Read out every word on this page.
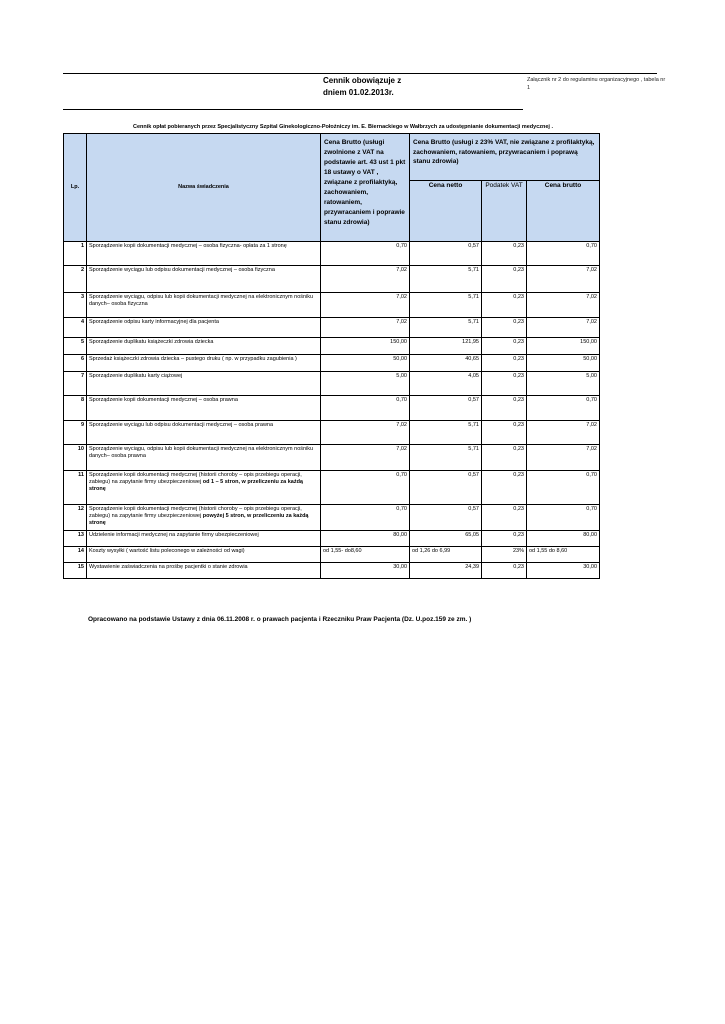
Cennik obowiązuje z
dniem 01.02.2013r.
Załącznik nr 2 do regulaminu organizacyjnego , tabela nr 1
Cennik opłat pobieranych przez Specjalistyczny Szpital Ginekologiczno-Położniczy im. E. Biernackiego w Wałbrzych za udostępnianie dokumentacji medycznej .
Lp.	Nazwa świadczenia	Cena Brutto (usługi zwolnione z VAT na podstawie art. 43 ust 1 pkt 18 ustawy o VAT , związane z profilaktyką, zachowaniem, ratowaniem, przywracaniem i poprawie stanu zdrowia)	Cena Brutto (usługi z 23% VAT, nie związane z profilaktyką, zachowaniem, ratowaniem, przywracaniem i poprawą stanu zdrowia)		
			Cena netto	Podatek VAT	Cena brutto
1	Sporządzenie kopii dokumentacji medycznej – osoba fizyczna- opłata za 1 stronę	0,70	0,57	0,23	0,70
2	Sporządzenie wyciągu lub odpisu dokumentacji medycznej – osoba fizyczna	7,02	5,71	0,23	7,02
3	Sporządzenie wyciągu, odpisu lub kopii dokumentacji medycznej na elektronicznym nośniku danych– osoba fizyczna	7,02	5,71	0,23	7,02
4	Sporządzenie odpisu karty informacyjnej dla pacjenta	7,02	5,71	0,23	7,02
5	Sporządzenie duplikatu książeczki zdrowia dziecka	150,00	121,95	0,23	150,00
6	Sprzedaż książeczki zdrowia dziecka – pustego druku ( np. w przypadku zagubienia )	50,00	40,65	0,23	50,00
7	Sporządzenie duplikatu karty ciążowej	5,00	4,05	0,23	5,00
8	Sporządzenie kopii dokumentacji medycznej – osoba prawna	0,70	0,57	0,23	0,70
9	Sporządzenie wyciągu lub odpisu dokumentacji medycznej – osoba prawna	7,02	5,71	0,23	7,02
10	Sporządzenie wyciągu, odpisu lub kopii dokumentacji medycznej na elektronicznym nośniku danych– osoba prawna	7,02	5,71	0,23	7,02
11	Sporządzenie kopii dokumentacji medycznej (historii choroby – opis przebiegu operacji, zabiegu) na zapytanie firmy ubezpieczeniowej od 1 – 5 stron, w przeliczeniu za każdą stronę	0,70	0,57	0,23	0,70
12	Sporządzenie kopii dokumentacji medycznej (historii choroby – opis przebiegu operacji, zabiegu) na zapytanie firmy ubezpieczeniowej powyżej 5 stron, w przeliczeniu za każdą stronę	0,70	0,57	0,23	0,70
13	Udzielenie informacji medycznej na zapytanie firmy ubezpieczeniowej	80,00	65,05	0,23	80,00
14	Koszty wysyłki ( wartość listu poleconego w zależności od wagi)	od 1,55- do8,60	od 1,26 do 6,99	23%	od 1,55 do 8,60
15	Wystawienie zaświadczenia na prośbę pacjentki o stanie zdrowia	30,00	24,39	0,23	30,00
Opracowano na podstawie Ustawy z dnia 06.11.2008 r. o prawach pacjenta i Rzeczniku Praw Pacjenta (Dz. U.poz.159 ze zm. )
